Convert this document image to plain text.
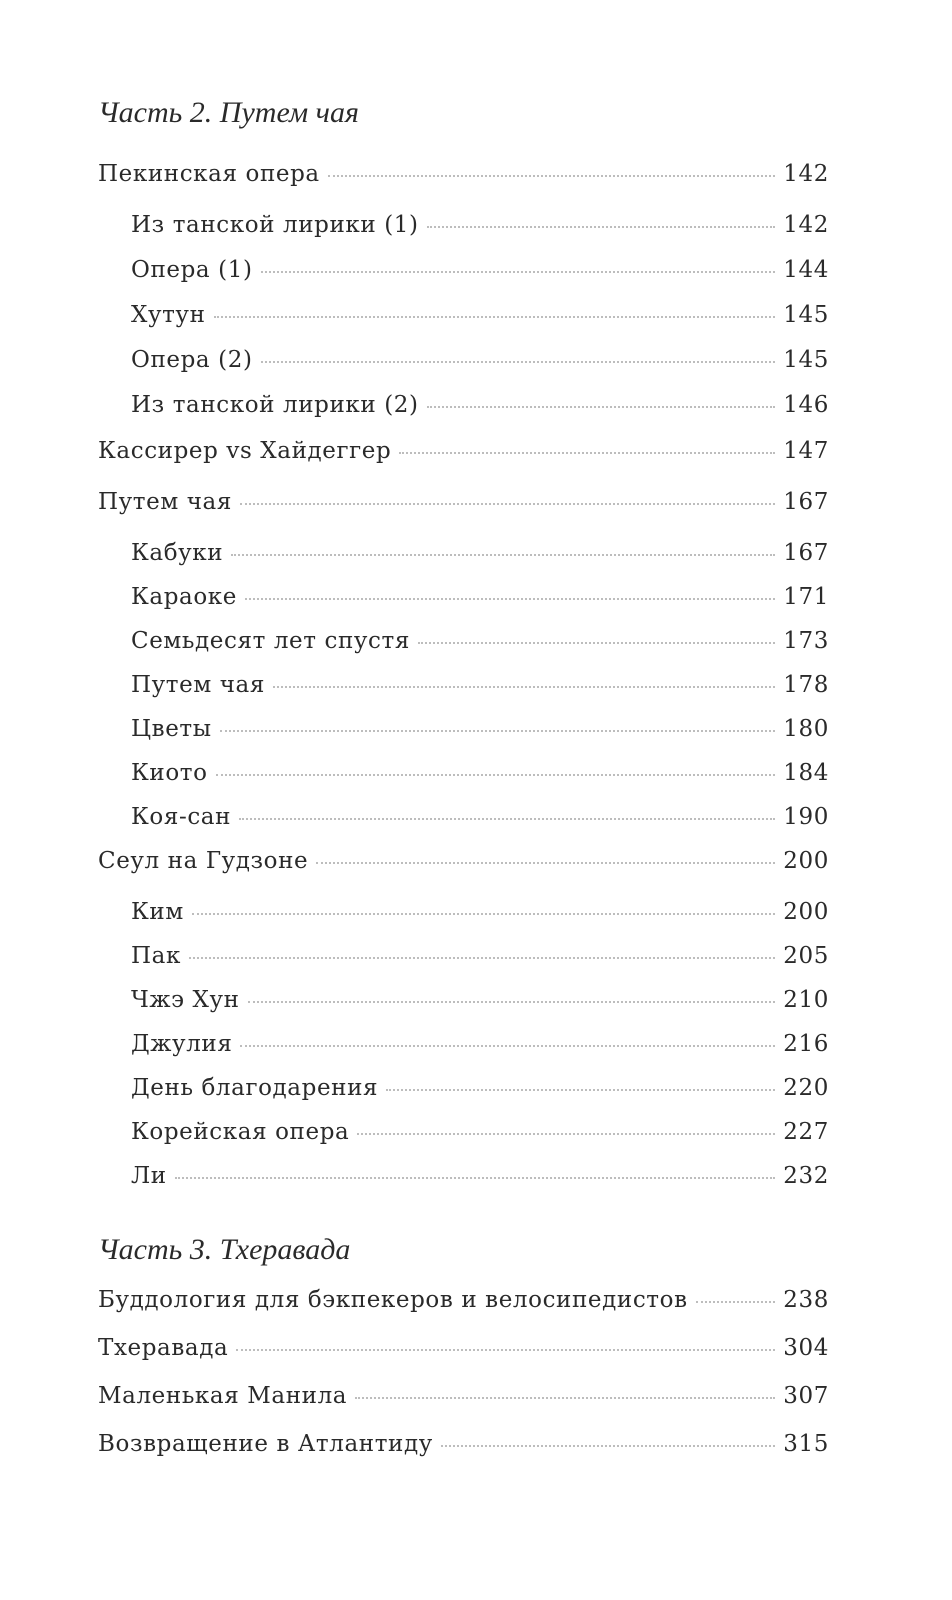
Часть 2. Путем чая
Пекинская опера	142
Из танской лирики (1)	142
Опера (1)	144
Хутун	145
Опера (2)	145
Из танской лирики (2)	146
Кассирер vs Хайдеггер	147
Путем чая	167
Кабуки	167
Караоке	171
Семьдесят лет спустя	173
Путем чая	178
Цветы	180
Киото	184
Коя-сан	190
Сеул на Гудзоне	200
Ким	200
Пак	205
Чжэ Хун	210
Джулия	216
День благодарения	220
Корейская опера	227
Ли	232
Часть 3. Тхеравада
Буддология для бэкпекеров и велосипедистов	238
Тхеравада	304
Маленькая Манила	307
Возвращение в Атлантиду	315
